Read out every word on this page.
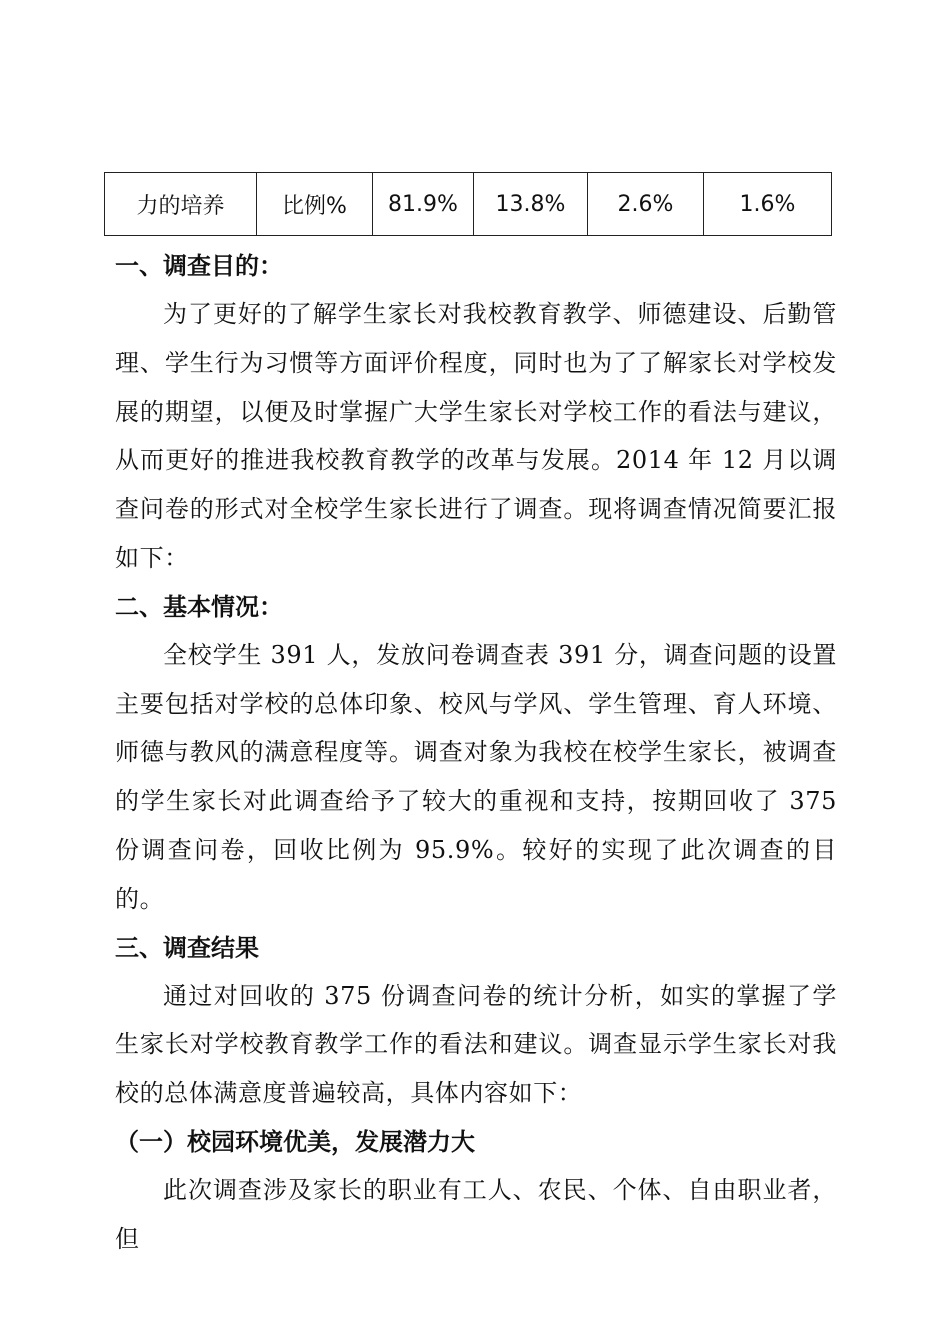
力的培养	比例%	81.9%	13.8%	2.6%	1.6%
一、调查目的：

为了更好的了解学生家长对我校教育教学、师德建设、后勤管理、学生行为习惯等方面评价程度，同时也为了了解家长对学校发展的期望，以便及时掌握广大学生家长对学校工作的看法与建议，从而更好的推进我校教育教学的改革与发展。2014 年 12 月以调查问卷的形式对全校学生家长进行了调查。现将调查情况简要汇报如下：

二、基本情况：

全校学生 391 人，发放问卷调查表 391 分，调查问题的设置主要包括对学校的总体印象、校风与学风、学生管理、育人环境、师德与教风的满意程度等。调查对象为我校在校学生家长，被调查的学生家长对此调查给予了较大的重视和支持，按期回收了 375 份调查问卷，回收比例为 95.9%。较好的实现了此次调查的目的。

三、调查结果

通过对回收的 375 份调查问卷的统计分析，如实的掌握了学生家长对学校教育教学工作的看法和建议。调查显示学生家长对我校的总体满意度普遍较高，具体内容如下：

（一）校园环境优美，发展潜力大

此次调查涉及家长的职业有工人、农民、个体、自由职业者，但
